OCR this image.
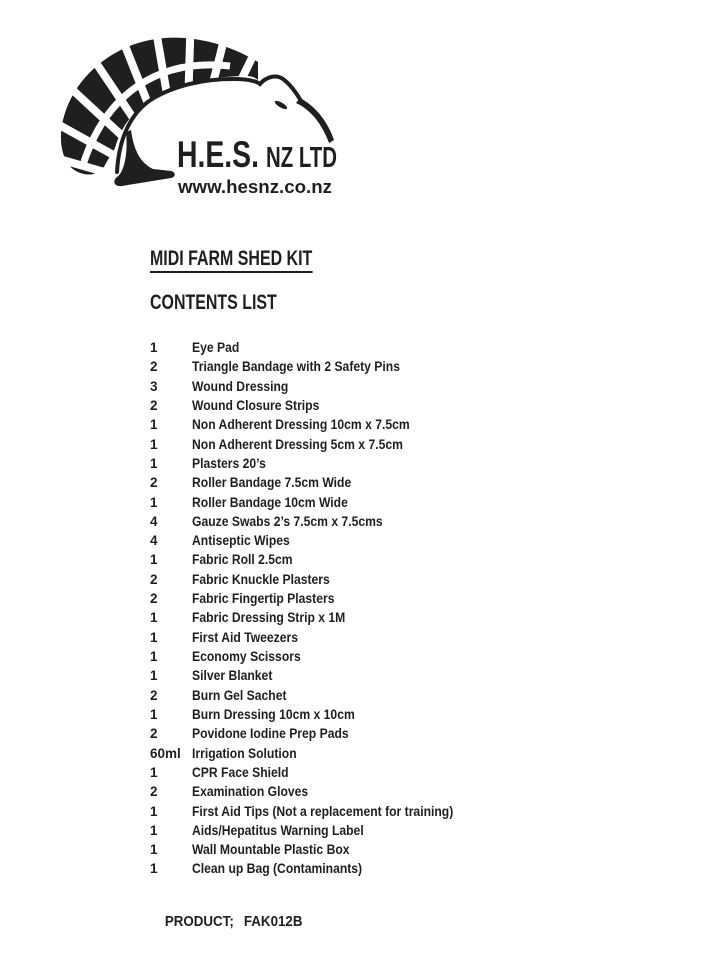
H.E.S. NZ LTD
www.hesnz.co.nz
MIDI FARM SHED KIT
CONTENTS LIST
1	Eye Pad
2	Triangle Bandage with 2 Safety Pins
3	Wound Dressing
2	Wound Closure Strips
1	Non Adherent Dressing 10cm x 7.5cm
1	Non Adherent Dressing 5cm x 7.5cm
1	Plasters 20’s
2	Roller Bandage 7.5cm Wide
1	Roller Bandage 10cm Wide
4	Gauze Swabs 2’s 7.5cm x 7.5cms
4	Antiseptic Wipes
1	Fabric Roll 2.5cm
2	Fabric Knuckle Plasters
2	Fabric Fingertip Plasters
1	Fabric Dressing Strip x 1M
1	First Aid Tweezers
1	Economy Scissors
1	Silver Blanket
2	Burn Gel Sachet
1	Burn Dressing 10cm x 10cm
2	Povidone Iodine Prep Pads
60ml Irrigation Solution
1	CPR Face Shield
2	Examination Gloves
1	First Aid Tips (Not a replacement for training)
1	Aids/Hepatitus Warning Label
1	Wall Mountable Plastic Box
1	Clean up Bag (Contaminants)

PRODUCT; FAK012B
